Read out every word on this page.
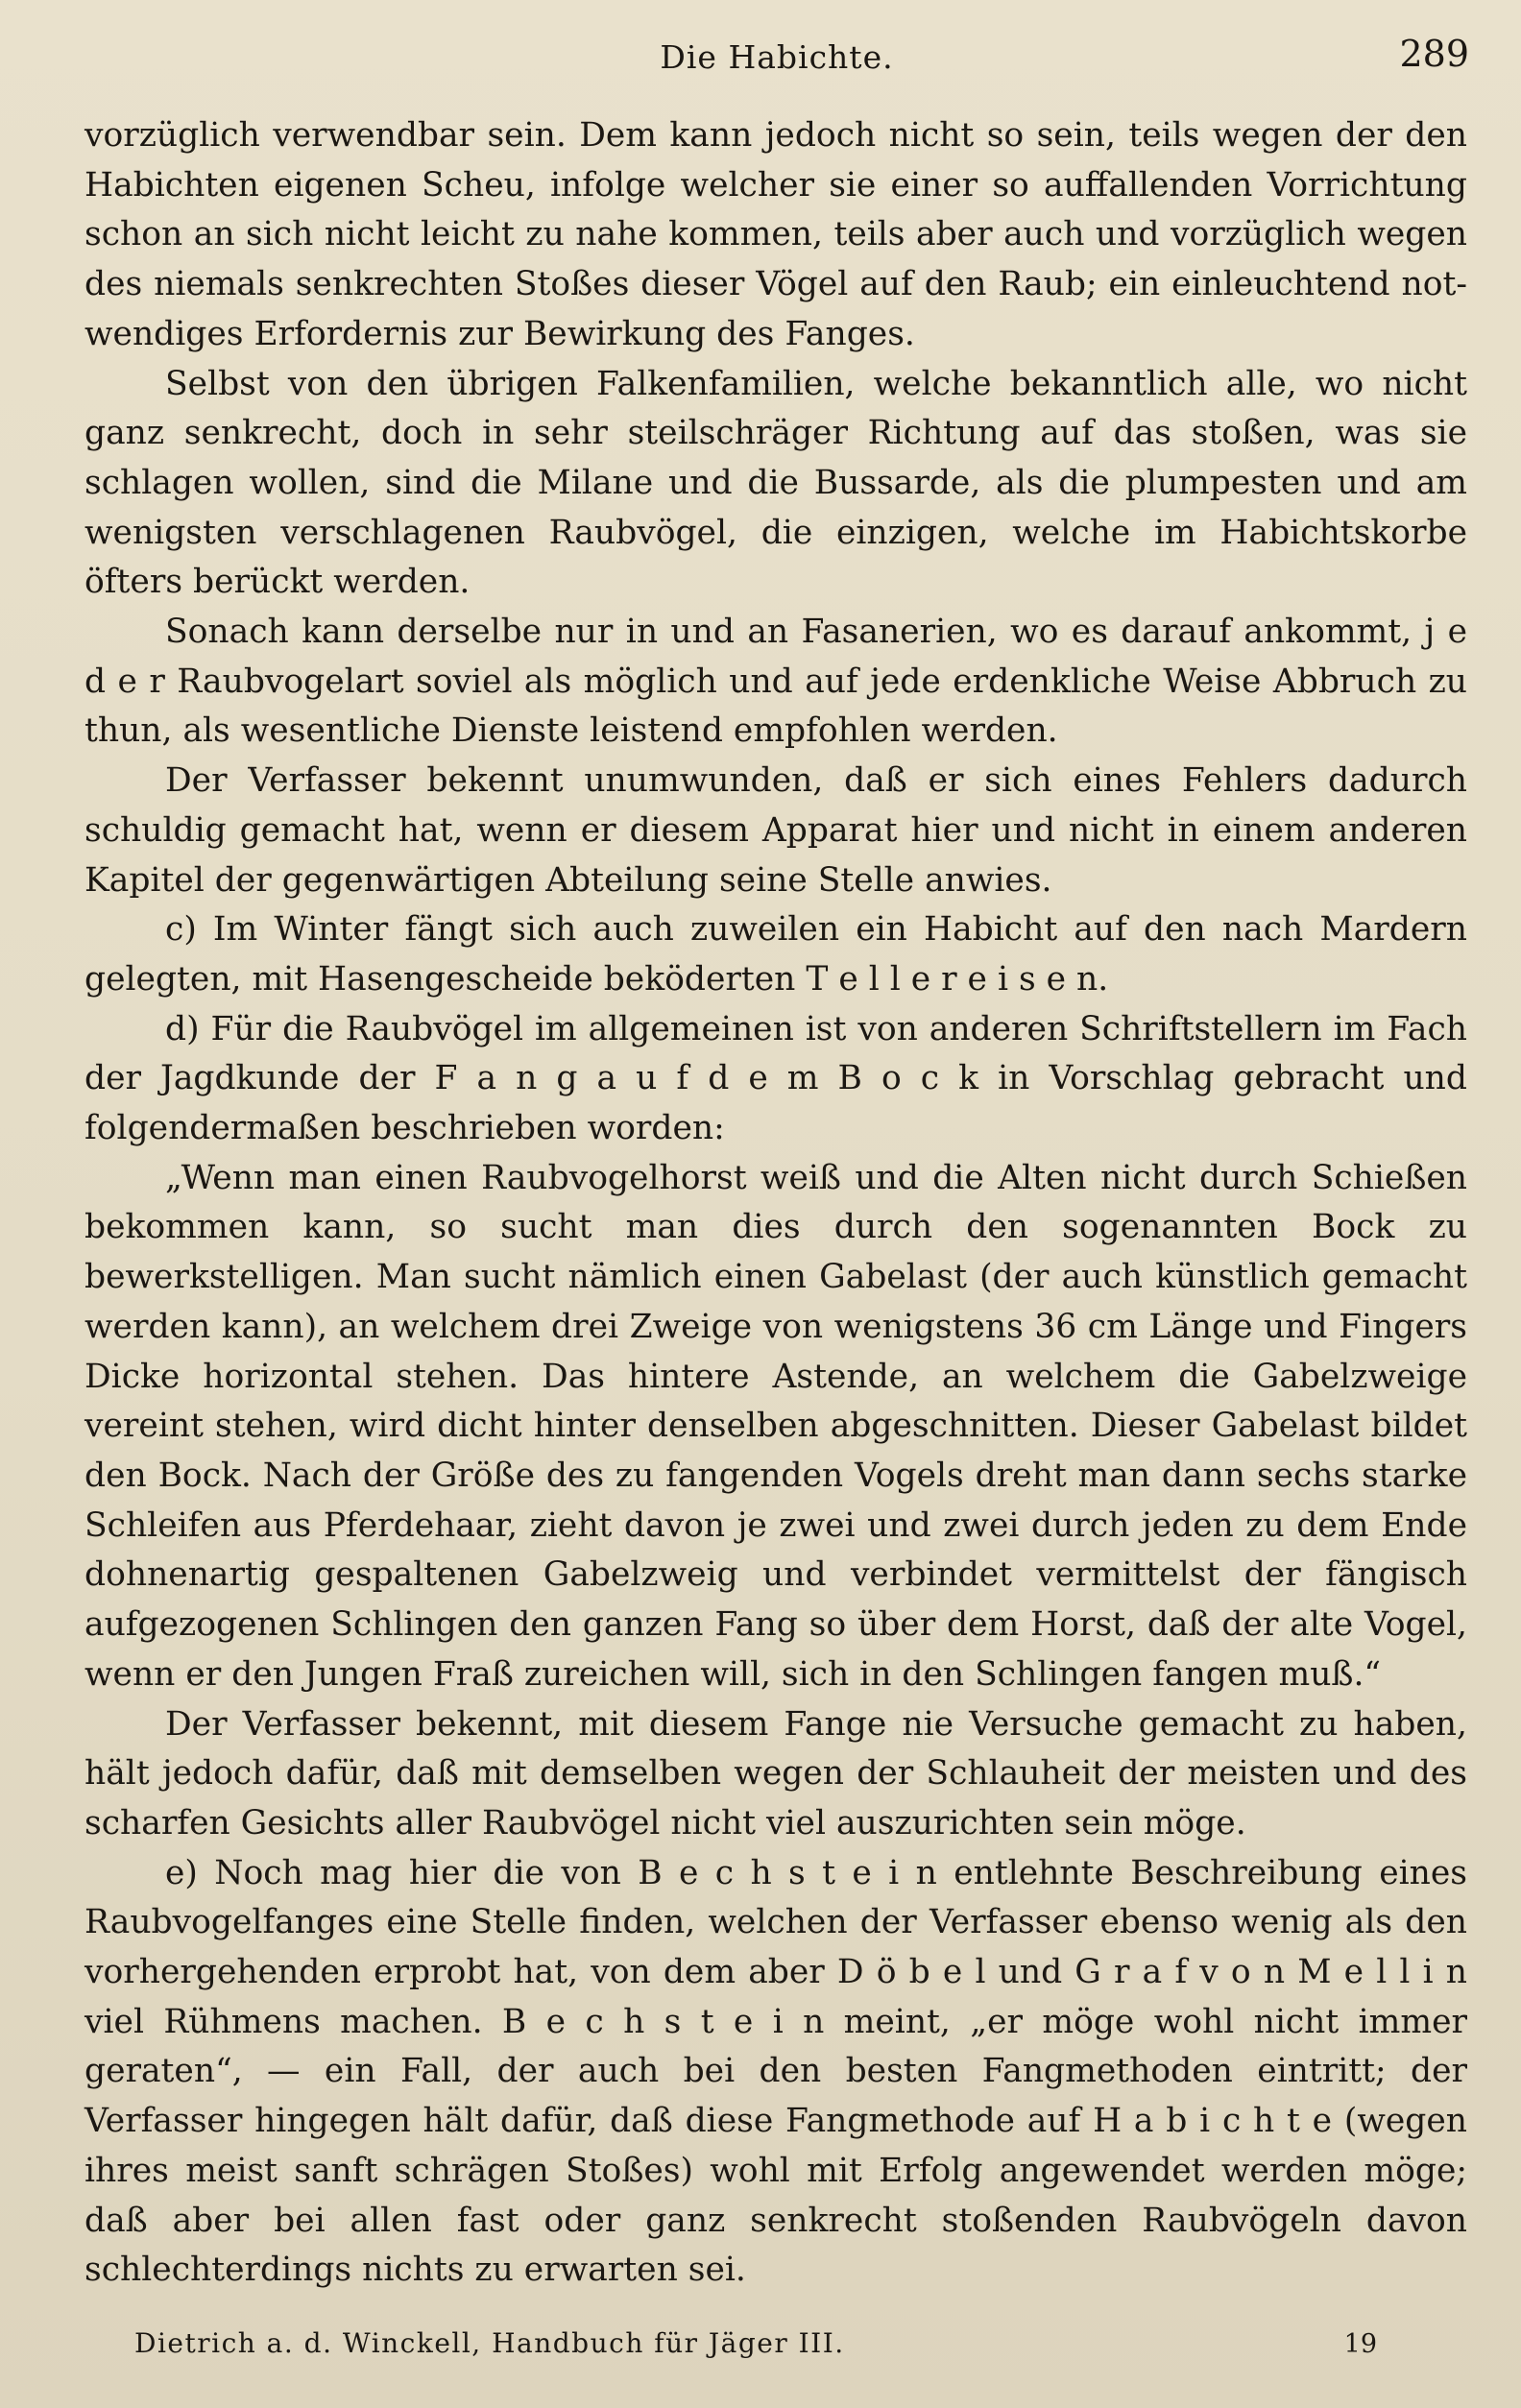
Die Habichte.	289

vorzüglich verwendbar sein. Dem kann jedoch nicht so sein, teils wegen der den Habichten eigenen Scheu, infolge welcher sie einer so auffallenden Vorrichtung schon an sich nicht leicht zu nahe kommen, teils aber auch und vorzüglich wegen des niemals senkrechten Stoßes dieser Vögel auf den Raub; ein einleuchtend notwendiges Erfordernis zur Bewirkung des Fanges.

Selbst von den übrigen Falkenfamilien, welche bekanntlich alle, wo nicht ganz senkrecht, doch in sehr steilschräger Richtung auf das stoßen, was sie schlagen wollen, sind die Milane und die Bussarde, als die plumpesten und am wenigsten verschlagenen Raubvögel, die einzigen, welche im Habichtskorbe öfters berückt werden.

Sonach kann derselbe nur in und an Fasanerien, wo es darauf ankommt, j e d e r Raubvogelart soviel als möglich und auf jede erdenkliche Weise Abbruch zu thun, als wesentliche Dienste leistend empfohlen werden.

Der Verfasser bekennt unumwunden, daß er sich eines Fehlers dadurch schuldig gemacht hat, wenn er diesem Apparat hier und nicht in einem anderen Kapitel der gegenwärtigen Abteilung seine Stelle anwies.

c) Im Winter fängt sich auch zuweilen ein Habicht auf den nach Mardern gelegten, mit Hasengescheide beköderten T e l l e r e i s e n.

d) Für die Raubvögel im allgemeinen ist von anderen Schriftstellern im Fach der Jagdkunde der F a n g a u f d e m B o c k in Vorschlag gebracht und folgendermaßen beschrieben worden:

„Wenn man einen Raubvogelhorst weiß und die Alten nicht durch Schießen bekommen kann, so sucht man dies durch den sogenannten Bock zu bewerkstelligen. Man sucht nämlich einen Gabelast (der auch künstlich gemacht werden kann), an welchem drei Zweige von wenigstens 36 cm Länge und Fingers Dicke horizontal stehen. Das hintere Astende, an welchem die Gabelzweige vereint stehen, wird dicht hinter denselben abgeschnitten. Dieser Gabelast bildet den Bock. Nach der Größe des zu fangenden Vogels dreht man dann sechs starke Schleifen aus Pferdehaar, zieht davon je zwei und zwei durch jeden zu dem Ende dohnenartig gespaltenen Gabelzweig und verbindet vermittelst der fängisch aufgezogenen Schlingen den ganzen Fang so über dem Horst, daß der alte Vogel, wenn er den Jungen Fraß zureichen will, sich in den Schlingen fangen muß.“

Der Verfasser bekennt, mit diesem Fange nie Versuche gemacht zu haben, hält jedoch dafür, daß mit demselben wegen der Schlauheit der meisten und des scharfen Gesichts aller Raubvögel nicht viel auszurichten sein möge.

e) Noch mag hier die von B e c h s t e i n entlehnte Beschreibung eines Raubvogelfanges eine Stelle finden, welchen der Verfasser ebenso wenig als den vorhergehenden erprobt hat, von dem aber D ö b e l und G r a f v o n M e l l i n viel Rühmens machen. B e c h s t e i n meint, „er möge wohl nicht immer geraten“, — ein Fall, der auch bei den besten Fangmethoden eintritt; der Verfasser hingegen hält dafür, daß diese Fangmethode auf H a b i c h t e (wegen ihres meist sanft schrägen Stoßes) wohl mit Erfolg angewendet werden möge; daß aber bei allen fast oder ganz senkrecht stoßenden Raubvögeln davon schlechterdings nichts zu erwarten sei.

Dietrich a. d. Winckell, Handbuch für Jäger III.	19
